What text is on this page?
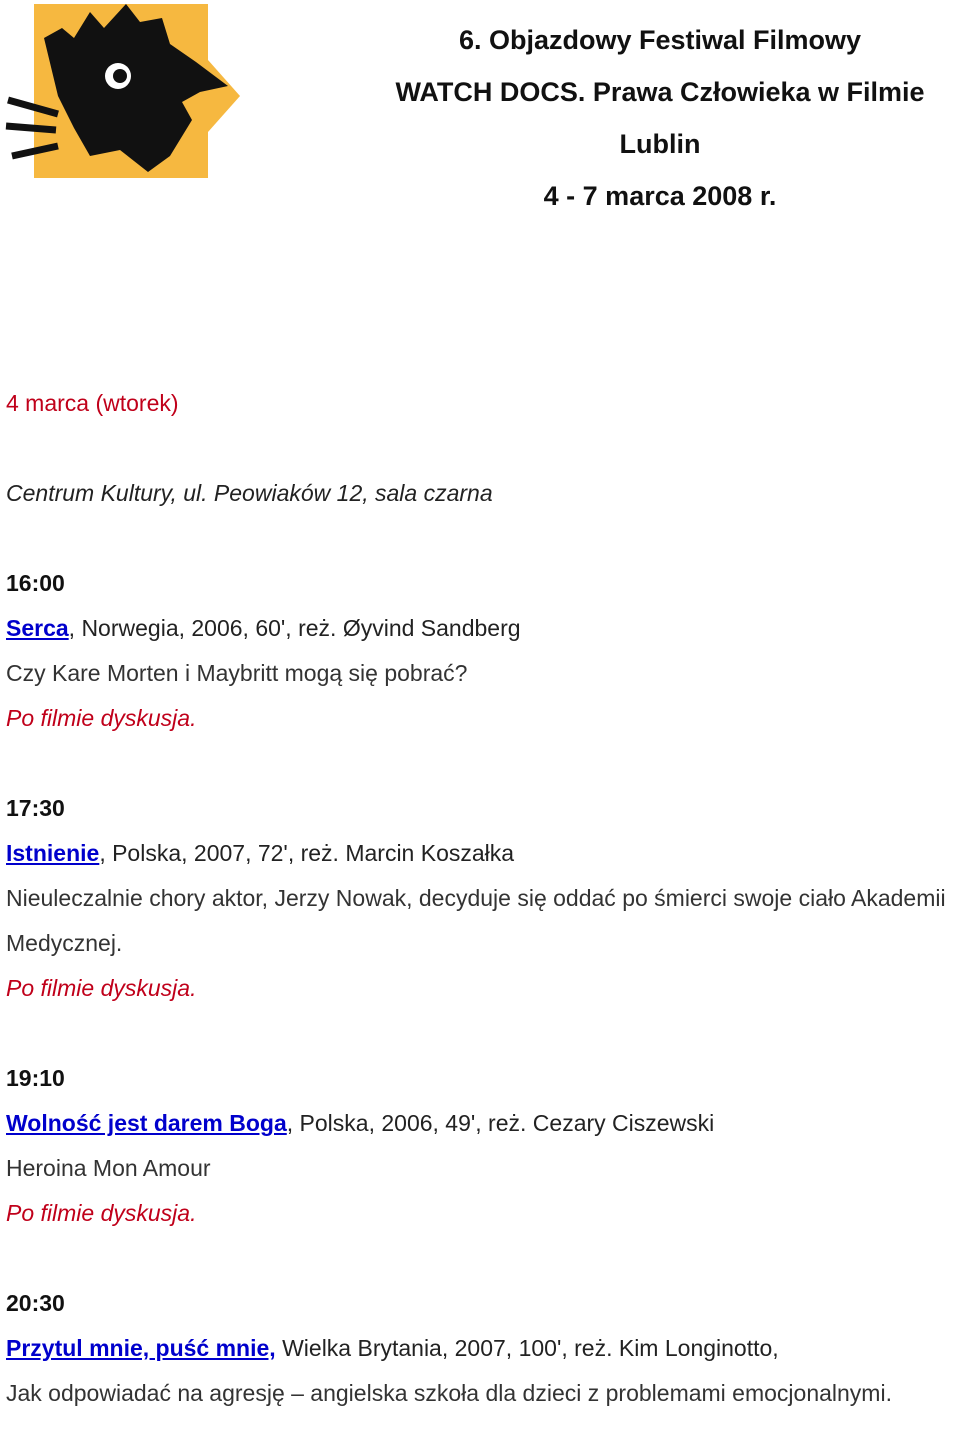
6. Objazdowy Festiwal Filmowy
WATCH DOCS. Prawa Człowieka w Filmie
Lublin
4 - 7 marca 2008 r.
4 marca (wtorek)
Centrum Kultury, ul. Peowiaków 12, sala czarna
16:00
Serca, Norwegia, 2006, 60', reż. Øyvind Sandberg
Czy Kare Morten i Maybritt mogą się pobrać?
Po filmie dyskusja.
17:30
Istnienie, Polska, 2007, 72', reż. Marcin Koszałka
Nieuleczalnie chory aktor, Jerzy Nowak, decyduje się oddać po śmierci swoje ciało Akademii Medycznej.
Po filmie dyskusja.
19:10
Wolność jest darem Boga, Polska, 2006, 49', reż. Cezary Ciszewski
Heroina Mon Amour
Po filmie dyskusja.
20:30
Przytul mnie, puść mnie, Wielka Brytania, 2007, 100', reż. Kim Longinotto,
Jak odpowiadać na agresję – angielska szkoła dla dzieci z problemami emocjonalnymi.
